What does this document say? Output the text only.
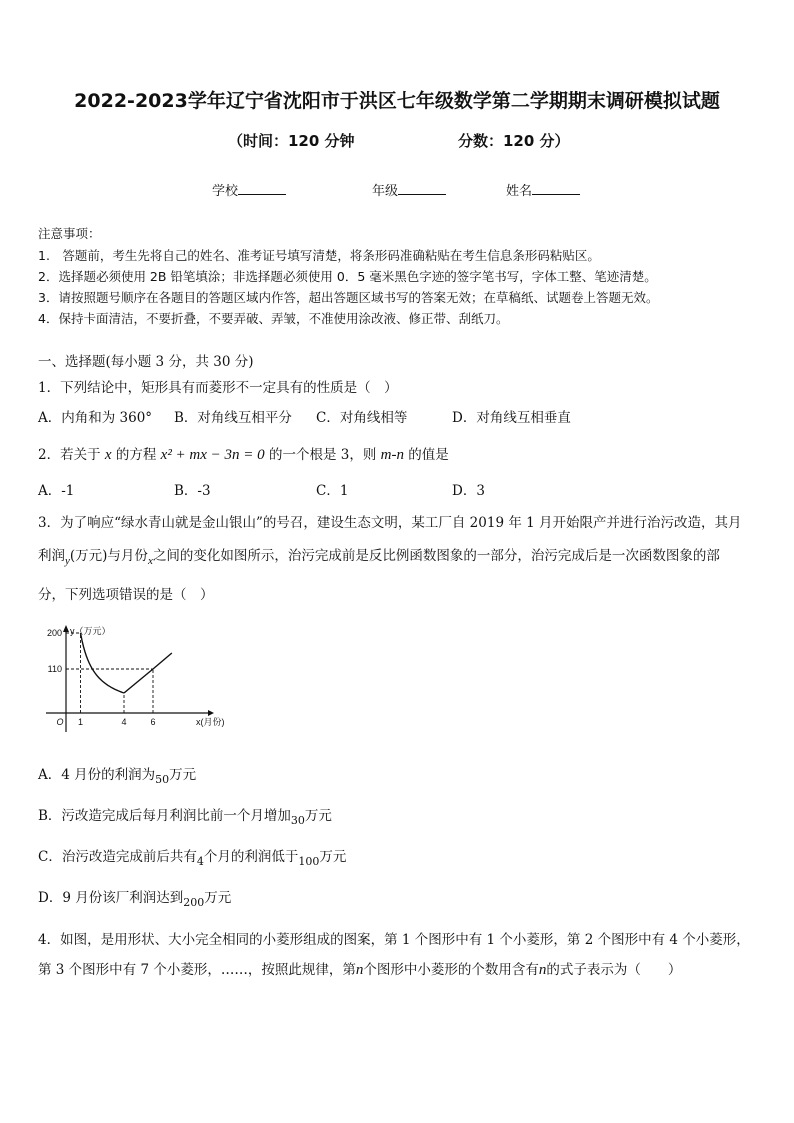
2022-2023学年辽宁省沈阳市于洪区七年级数学第二学期期末调研模拟试题
（时间：120 分钟	分数：120 分）
学校	年级	姓名
注意事项：
1.　答题前，考生先将自己的姓名、准考证号填写清楚，将条形码准确粘贴在考生信息条形码粘贴区。
2．选择题必须使用 2B 铅笔填涂；非选择题必须使用 0．5 毫米黑色字迹的签字笔书写，字体工整、笔迹清楚。
3．请按照题号顺序在各题目的答题区域内作答，超出答题区域书写的答案无效；在草稿纸、试题卷上答题无效。
4．保持卡面清洁，不要折叠，不要弄破、弄皱，不准使用涂改液、修正带、刮纸刀。
一、选择题(每小题 3 分，共 30 分)
1．下列结论中，矩形具有而菱形不一定具有的性质是（　）
A．内角和为 360° B．对角线互相平分 C．对角线相等	D．对角线互相垂直
2．若关于 x 的方程 x² + mx − 3n = 0 的一个根是 3，则 m-n 的值是
A．-1	B．-3	C．1	D．3
3．为了响应“绿水青山就是金山银山”的号召，建设生态文明，某工厂自 2019 年 1 月开始限产并进行治污改造，其月
利润$_y$(万元)与月份$_x$之间的变化如图所示，治污完成前是反比例函数图象的一部分，治污完成后是一次函数图象的部
分，下列选项错误的是（　）
200
110
1	4	6
O
y（万元）
x(月份)
A．4 月份的利润为$_{50}$万元
B．污改造完成后每月利润比前一个月增加$_{30}$万元
C．治污改造完成前后共有$_4$个月的利润低于$_{100}$万元
D．9 月份该厂利润达到$_{200}$万元
4．如图，是用形状、大小完全相同的小菱形组成的图案，第 1 个图形中有 1 个小菱形，第 2 个图形中有 4 个小菱形，
第 3 个图形中有 7 个小菱形，……，按照此规律，第n个图形中小菱形的个数用含有n的式子表示为（　　）
